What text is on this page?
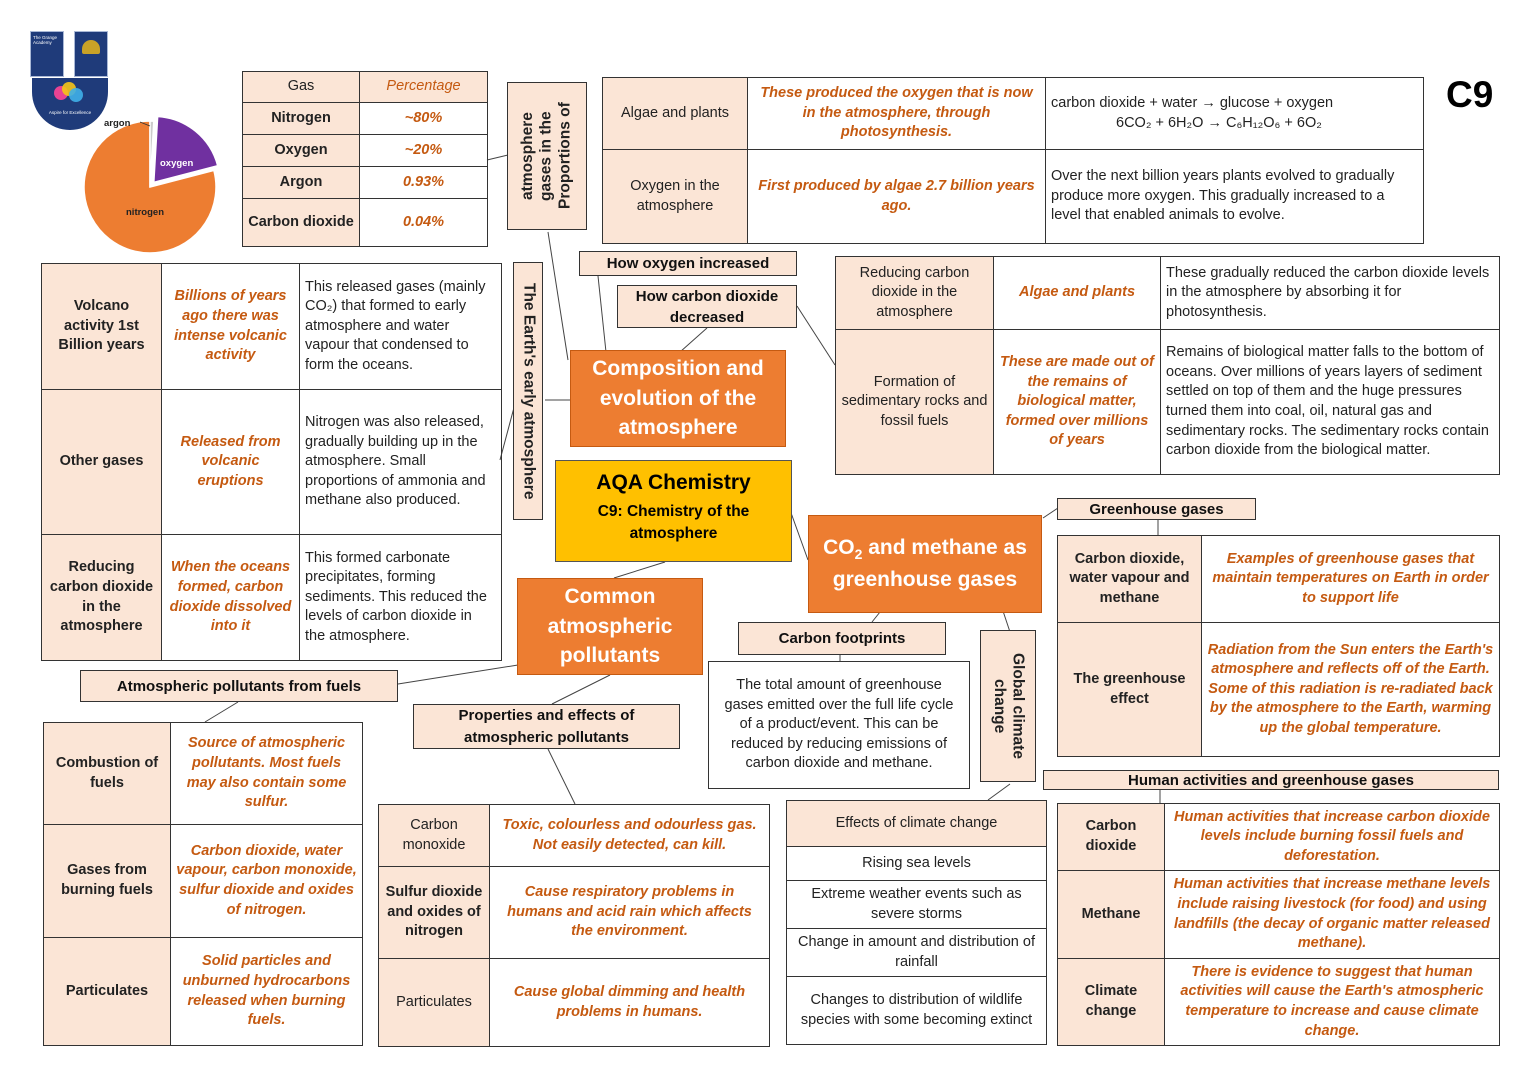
The Grange Academy
Aspire for Excellence
argon
oxygen
nitrogen
Gas	Percentage
Nitrogen	~80%
Oxygen	~20%
Argon	0.93%
Carbon dioxide	0.04%
Proportions of gases in the atmosphere
The Earth's early atmosphere
Global climate change
C9
Algae and plants	These produced the oxygen that is now in the atmosphere, through photosynthesis.	carbon dioxide + water → glucose + oxygen
6CO₂ + 6H₂O → C₆H₁₂O₆ + 6O₂

Oxygen in the atmosphere	First produced by algae 2.7 billion years ago.	Over the next billion years plants evolved to gradually produce more oxygen. This gradually increased to a level that enabled animals to evolve.
How oxygen increased
How carbon dioxide decreased
Volcano activity 1st Billion years	Billions of years ago there was intense volcanic activity	This released gases (mainly CO₂) that formed to early atmosphere and water vapour that condensed to form the oceans.
Other gases	Released from volcanic eruptions	Nitrogen was also released, gradually building up in the atmosphere. Small proportions of ammonia and methane also produced.
Reducing carbon dioxide in the atmosphere	When the oceans formed, carbon dioxide dissolved into it	This formed carbonate precipitates, forming sediments. This reduced the levels of carbon dioxide in the atmosphere.
Composition and evolution of the atmosphere
AQA Chemistry
C9: Chemistry of the atmosphere
Common atmospheric pollutants
$CO_2$ and methane as greenhouse gases
Reducing carbon dioxide in the atmosphere	Algae and plants	These gradually reduced the carbon dioxide levels in the atmosphere by absorbing it for photosynthesis.
Formation of sedimentary rocks and fossil fuels	These are made out of the remains of biological matter, formed over millions of years	Remains of biological matter falls to the bottom of oceans. Over millions of years layers of sediment settled on top of them and the huge pressures turned them into coal, oil, natural gas and sedimentary rocks. The sedimentary rocks contain carbon dioxide from the biological matter.
Greenhouse gases
Carbon dioxide, water vapour and methane	Examples of greenhouse gases that maintain temperatures on Earth in order to support life
The greenhouse effect	Radiation from the Sun enters the Earth's atmosphere and reflects off of the Earth. Some of this radiation is re-radiated back by the atmosphere to the Earth, warming up the global temperature.
Carbon footprints
The total amount of greenhouse gases emitted over the full life cycle of a product/event. This can be reduced by reducing emissions of carbon dioxide and methane.
Human activities and greenhouse gases
Carbon dioxide	Human activities that increase carbon dioxide levels include burning fossil fuels and deforestation.
Methane	Human activities that increase methane levels include raising livestock (for food) and using landfills (the decay of organic matter released methane).
Climate change	There is evidence to suggest that human activities will cause the Earth's atmospheric temperature to increase and cause climate change.
Effects of climate change
Rising sea levels
Extreme weather events such as severe storms
Change in amount and distribution of rainfall
Changes to distribution of wildlife species with some becoming extinct
Atmospheric pollutants from fuels
Combustion of fuels	Source of atmospheric pollutants. Most fuels may also contain some sulfur.
Gases from burning fuels	Carbon dioxide, water vapour, carbon monoxide, sulfur dioxide and oxides of nitrogen.
Particulates	Solid particles and unburned hydrocarbons released when burning fuels.
Properties and effects of atmospheric pollutants
Carbon monoxide	Toxic, colourless and odourless gas. Not easily detected, can kill.
Sulfur dioxide and oxides of nitrogen	Cause respiratory problems in humans and acid rain which affects the environment.
Particulates	Cause global dimming and health problems in humans.
